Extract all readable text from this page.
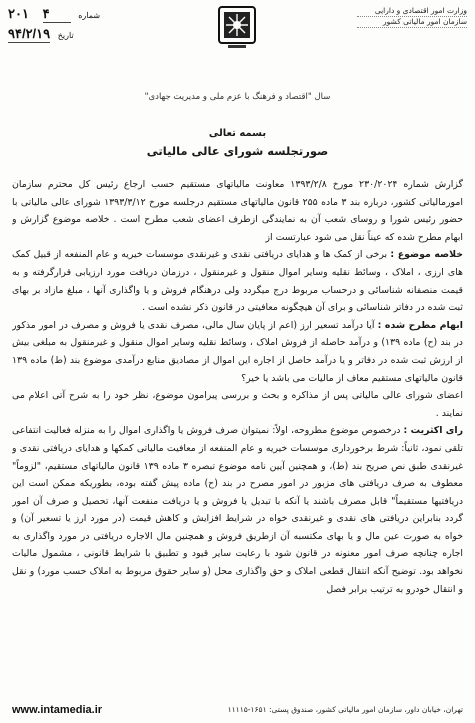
۲۰۱ ۴	شماره
۹۴/۲/۱۹ تاریخ
وزارت امور اقتصادی و دارایی
سازمان امور مالیاتی کشور
سال "اقتصاد و فرهنگ با عزم ملی و مدیریت جهادی"
بسمه تعالی
صورتجلسه شورای عالی مالیاتی

گزارش شماره ۲۳۰/۲۰۲۴ مورخ ۱۳۹۳/۲/۸ معاونت مالیاتهای مستقیم حسب ارجاع رئیس کل محترم سازمان امورمالیاتی کشور، درباره بند ۳ ماده ۲۵۵ قانون مالیاتهای مستقیم درجلسه مورخ ۱۳۹۳/۳/۱۲ شورای عالی مالیاتی با حضور رئیس شورا و روسای شعب آن به نمایندگی ازطرف اعضای شعب مطرح است . خلاصه موضوع گزارش و ابهام مطرح شده که عیناً نقل می شود عبارتست از

خلاصه موضوع : برخی از کمک ها و هدایای دریافتی نقدی و غیرنقدی موسسات خیریه و عام المنفعه از قبیل کمک های ارزی ، املاک ، وسائط نقلیه وسایر اموال منقول و غیرمنقول ، درزمان دریافت مورد ارزیابی قرارگرفته و به قیمت منصفانه شناسائی و درحساب مربوط درج میگردد ولی درهنگام فروش و یا واگذاری آنها ، مبلغ مازاد بر بهای ثبت شده در دفاتر شناسائی و برای آن هیچگونه معافیتی در قانون ذکر نشده است .

ابهام مطرح شده : آیا درآمد تسعیر ارز (اعم از پایان سال مالی، مصرف نقدی یا فروش و مصرف در امور مذکور در بند (ح) ماده ۱۳۹) و درآمد حاصله از فروش املاک ، وسائط نقلیه وسایر اموال منقول و غیرمنقول به مبلغی بیش از ارزش ثبت شده در دفاتر و یا درآمد حاصل از اجاره این اموال از مصادیق منابع درآمدی موضوع بند (ط) ماده ۱۳۹ قانون مالیاتهای مستقیم معاف از مالیات می باشد یا خیر؟

اعضای شورای عالی مالیاتی پس از مذاکره و بحث و بررسی پیرامون موضوع، نظر خود را به شرح آتی اعلام می نمایند .

رای اکثریت : درخصوص موضوع مطروحه، اولاً: نمیتوان صرف فروش یا واگذاری اموال را به منزله فعالیت انتفاعی تلقی نمود، ثانیاً: شرط برخورداری موسسات خیریه و عام المنفعه از معافیت مالیاتی کمکها و هدایای دریافتی نقدی و غیرنقدی طبق نص صریح بند (ط)، و همچنین آیین نامه موضوع تبصره ۳ ماده ۱۳۹ قانون مالیاتهای مستقیم، "لزوماً" معطوف به صرف دریافتی های مزبور در امور مصرح در بند (ح) ماده پیش گفته بوده، بطوریکه ممکن است این دریافتیها مستقیماً" قابل مصرف باشند یا آنکه با تبدیل یا فروش و یا دریافت منفعت آنها، تحصیل و صرف آن امور گردد بنابراین دریافتی های نقدی و غیرنقدی خواه در شرایط افزایش و کاهش قیمت (در مورد ارز یا تسعیر آن) و خواه به صورت عین مال و یا بهای مکتسبه آن ازطریق فروش و همچنین مال الاجاره دریافتی در مورد واگذاری به اجاره چنانچه صرف امور معنونه در قانون شود با رعایت سایر قیود و تطبیق با شرایط قانونی ، مشمول مالیات نخواهد بود. توضیح آنکه انتقال قطعی املاک و حق واگذاری محل (و سایر حقوق مربوط به املاک حسب مورد) و نقل و انتقال خودرو به ترتیب برابر فصل

www.intamedia.ir	تهران، خیابان داور، سازمان امور مالیاتی کشور، صندوق پستی: ۱۶۵۱-۱۱۱۱۵
